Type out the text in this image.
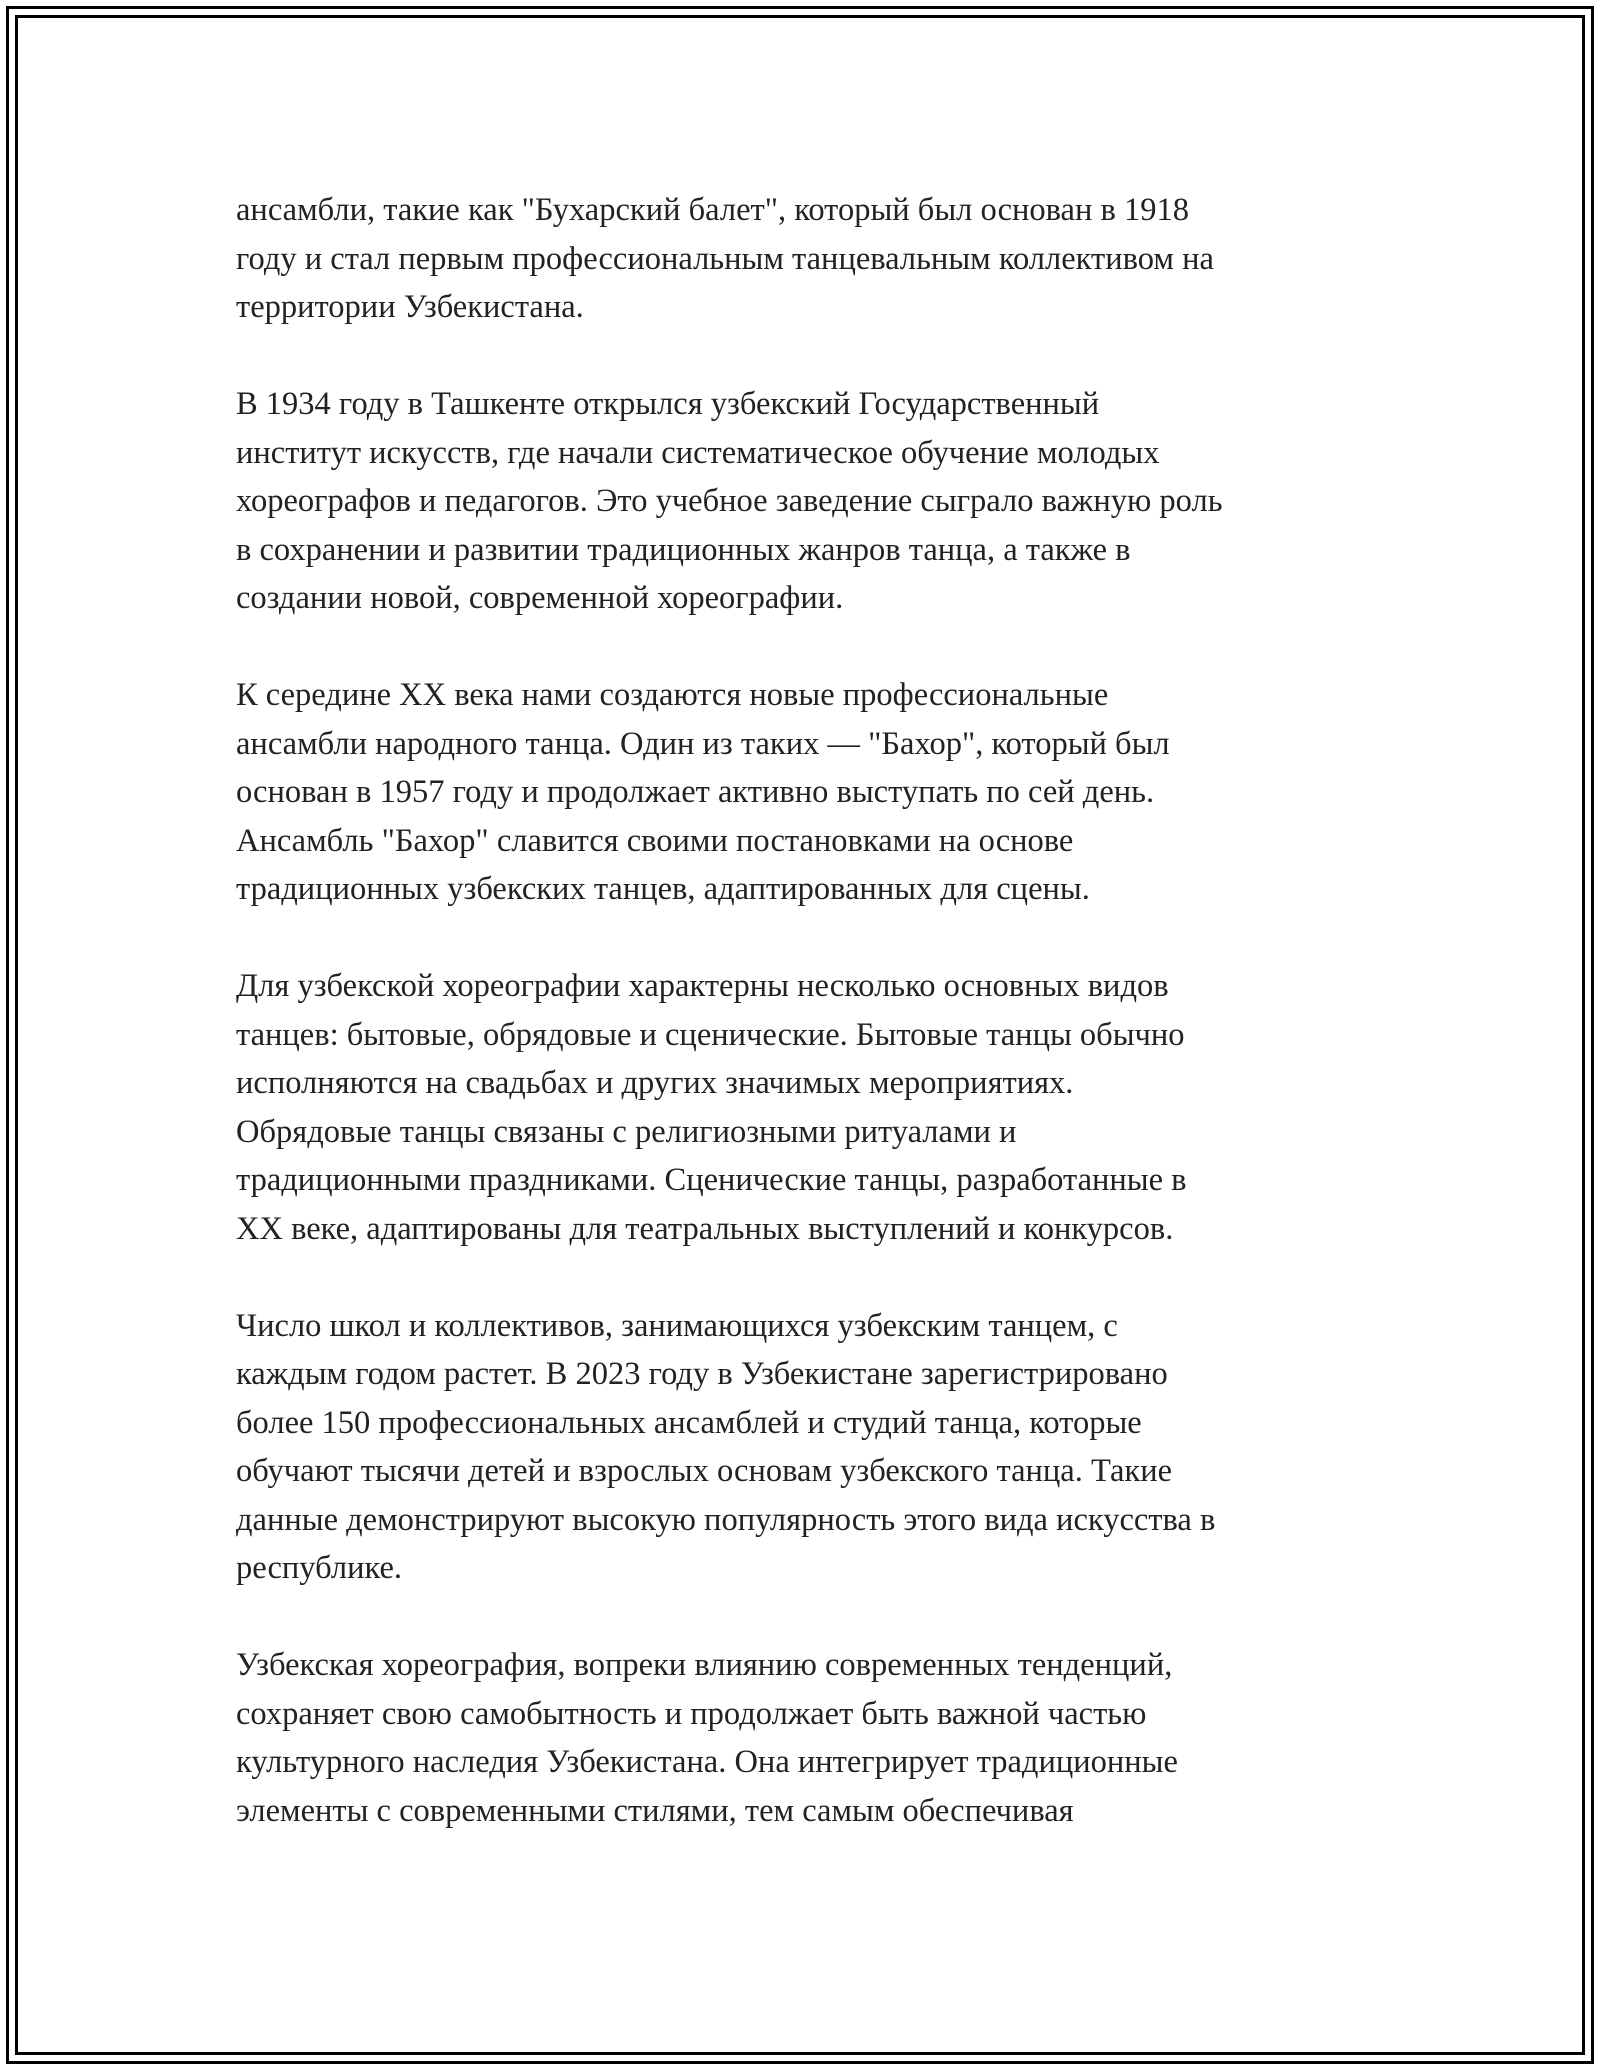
ансамбли, такие как "Бухарский балет", который был основан в 1918
году и стал первым профессиональным танцевальным коллективом на
территории Узбекистана.

В 1934 году в Ташкенте открылся узбекский Государственный
институт искусств, где начали систематическое обучение молодых
хореографов и педагогов. Это учебное заведение сыграло важную роль
в сохранении и развитии традиционных жанров танца, а также в
создании новой, современной хореографии.

К середине XX века нами создаются новые профессиональные
ансамбли народного танца. Один из таких — "Бахор", который был
основан в 1957 году и продолжает активно выступать по сей день.
Ансамбль "Бахор" славится своими постановками на основе
традиционных узбекских танцев, адаптированных для сцены.

Для узбекской хореографии характерны несколько основных видов
танцев: бытовые, обрядовые и сценические. Бытовые танцы обычно
исполняются на свадьбах и других значимых мероприятиях.
Обрядовые танцы связаны с религиозными ритуалами и
традиционными праздниками. Сценические танцы, разработанные в
XX веке, адаптированы для театральных выступлений и конкурсов.

Число школ и коллективов, занимающихся узбекским танцем, с
каждым годом растет. В 2023 году в Узбекистане зарегистрировано
более 150 профессиональных ансамблей и студий танца, которые
обучают тысячи детей и взрослых основам узбекского танца. Такие
данные демонстрируют высокую популярность этого вида искусства в
республике.

Узбекская хореография, вопреки влиянию современных тенденций,
сохраняет свою самобытность и продолжает быть важной частью
культурного наследия Узбекистана. Она интегрирует традиционные
элементы с современными стилями, тем самым обеспечивая
